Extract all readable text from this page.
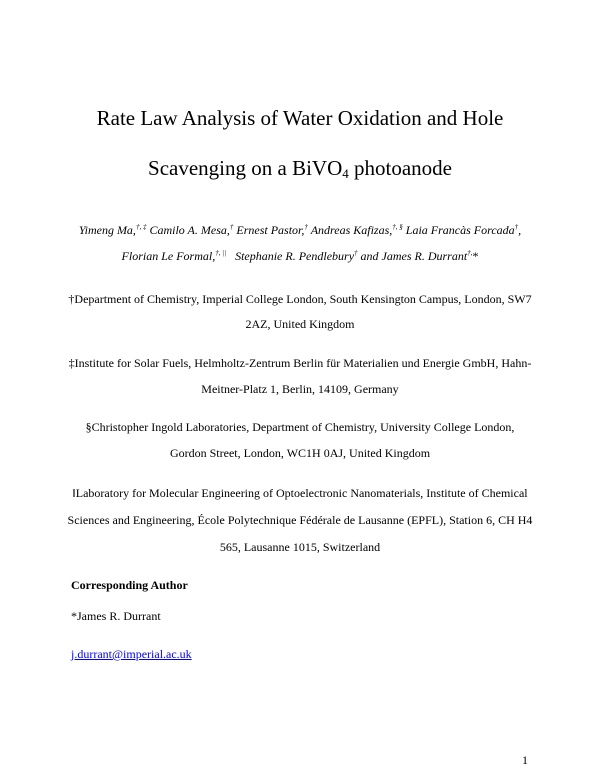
Rate Law Analysis of Water Oxidation and Hole
Scavenging on a BiVO$_4$ photoanode
Yimeng Ma,†, ‡ Camilo A. Mesa,† Ernest Pastor,† Andreas Kafizas,†, § Laia Francàs Forcada†,
Florian Le Formal,†, ||   Stephanie R. Pendlebury† and James R. Durrant†,*
†Department of Chemistry, Imperial College London, South Kensington Campus, London, SW7
2AZ, United Kingdom
‡Institute for Solar Fuels, Helmholtz-Zentrum Berlin für Materialien und Energie GmbH, Hahn-
Meitner-Platz 1, Berlin, 14109, Germany
§Christopher Ingold Laboratories, Department of Chemistry, University College London,
Gordon Street, London, WC1H 0AJ, United Kingdom
‖Laboratory for Molecular Engineering of Optoelectronic Nanomaterials, Institute of Chemical
Sciences and Engineering, École Polytechnique Fédérale de Lausanne (EPFL), Station 6, CH H4
565, Lausanne 1015, Switzerland
Corresponding Author
*James R. Durrant
j.durrant@imperial.ac.uk
1
